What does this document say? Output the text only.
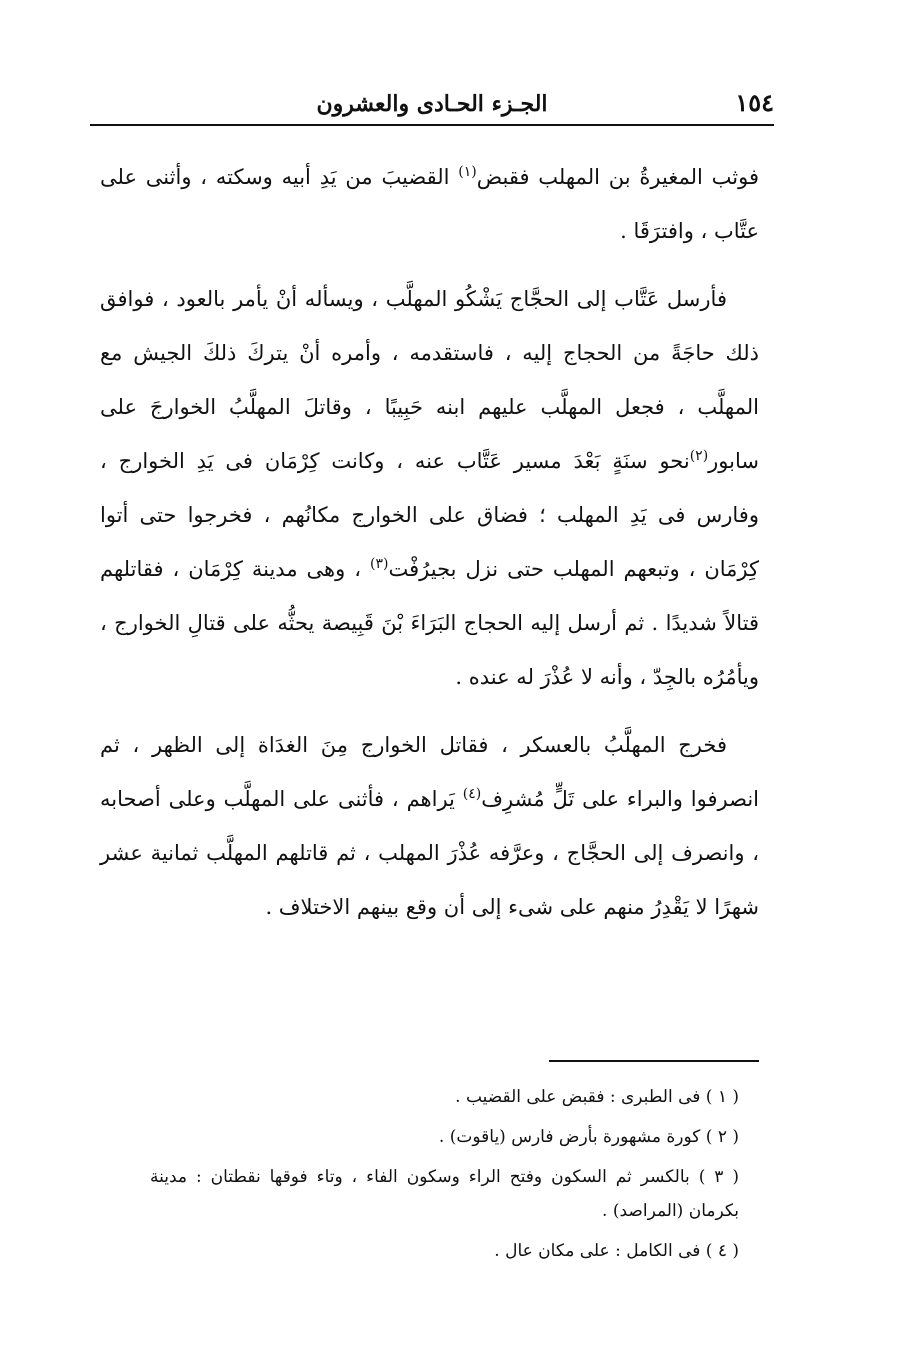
١٥٤
الجـزء الحـادى والعشرون

فوثب المغيرةُ بن المهلب فقبض$^{(١)}$ القضيبَ من يَدِ أبيه وسكته ، وأثنى على عتَّاب ، وافترَقَا .

فأرسل عَتَّاب إلى الحجَّاج يَشْكُو المهلَّب ، ويسأله أنْ يأمر بالعود ، فوافق ذلك حاجَةً من الحجاج إليه ، فاستقدمه ، وأمره أنْ يتركَ ذلكَ الجيش مع المهلَّب ، فجعل المهلَّب عليهم ابنه حَبِيبًا ، وقاتلَ المهلَّبُ الخوارجَ على سابور$^{(٢)}$نحو سنَةٍ بَعْدَ مسير عَتَّاب عنه ، وكانت كِرْمَان فى يَدِ الخوارج ، وفارس فى يَدِ المهلب ؛ فضاق على الخوارج مكانُهم ، فخرجوا حتى أتوا كِرْمَان ، وتبعهم المهلب حتى نزل بجيرُفْت$^{(٣)}$ ، وهى مدينة كِرْمَان ، فقاتلهم قتالاً شديدًا . ثم أرسل إليه الحجاج البَرَاءَ بْنَ قَبِيصة يحثُّه على قتالِ الخوارج ، ويأمُرُه بالجِدّ ، وأنه لا عُذْرَ له عنده .

فخرج المهلَّبُ بالعسكر ، فقاتل الخوارج مِنَ الغدَاة إلى الظهر ، ثم انصرفوا والبراء على تَلٍّ مُشرِف$^{(٤)}$ يَراهم ، فأثنى على المهلَّب وعلى أصحابه ، وانصرف إلى الحجَّاج ، وعرَّفه عُذْرَ المهلب ، ثم قاتلهم المهلَّب ثمانية عشر شهرًا لا يَقْدِرُ منهم على شىء إلى أن وقع بينهم الاختلاف .

( ١ ) فى الطبرى : فقبض على القضيب .

( ٢ ) كورة مشهورة بأرض فارس (ياقوت) .

( ٣ ) بالكسر ثم السكون وفتح الراء وسكون الفاء ، وتاء فوقها نقطتان : مدينة بكرمان (المراصد) .

( ٤ ) فى الكامل : على مكان عال .
